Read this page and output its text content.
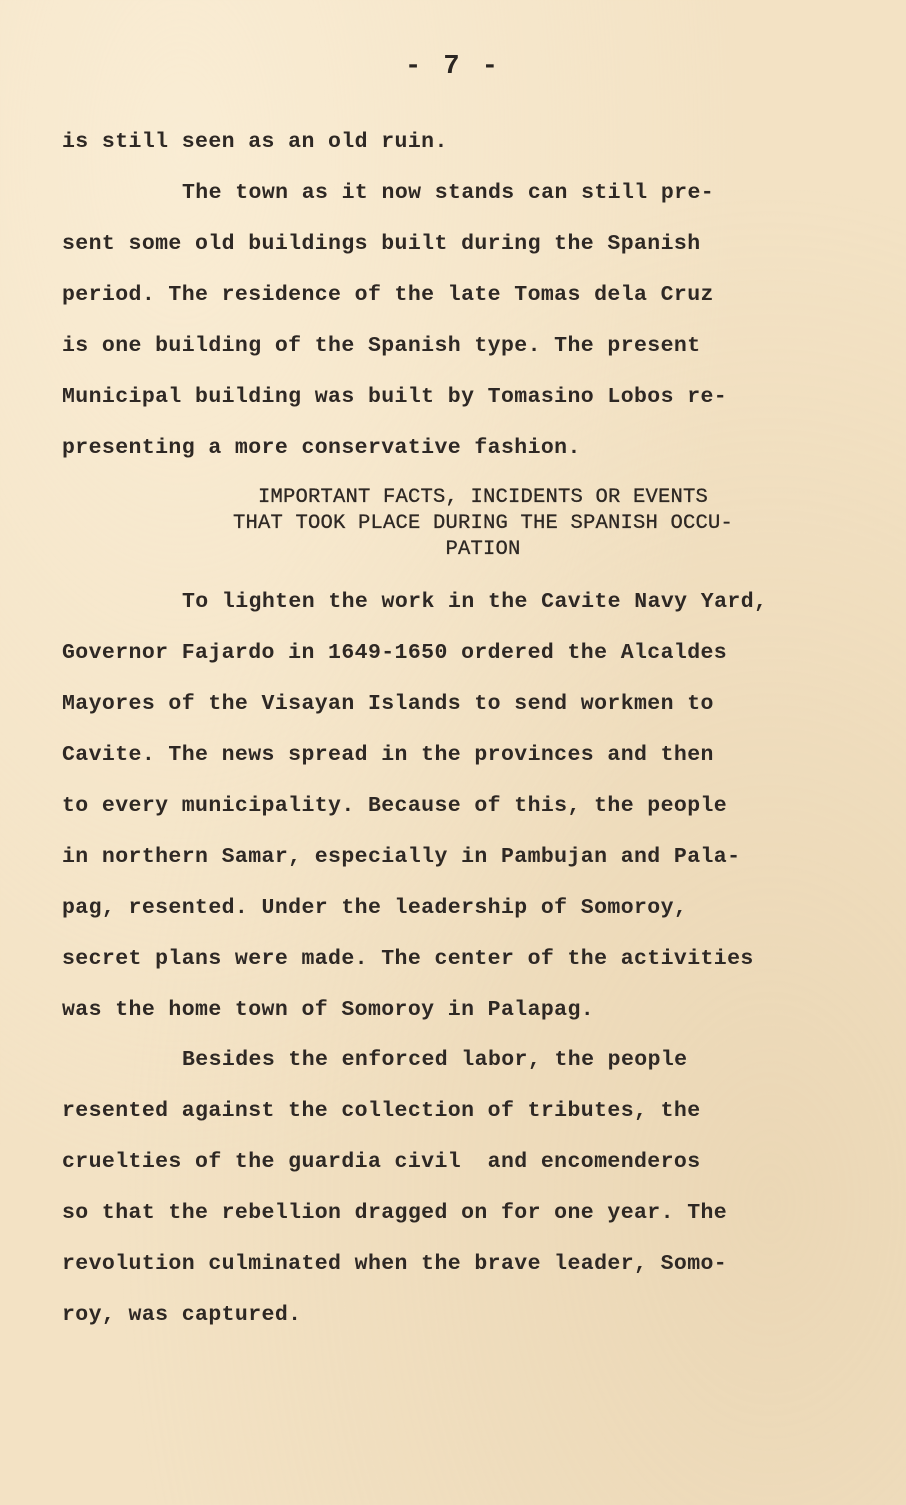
- 7 -
is still seen as an old ruin.
The town as it now stands can still pre-
sent some old buildings built during the Spanish
period. The residence of the late Tomas dela Cruz
is one building of the Spanish type. The present
Municipal building was built by Tomasino Lobos re-
presenting a more conservative fashion.
IMPORTANT FACTS, INCIDENTS OR EVENTS
THAT TOOK PLACE DURING THE SPANISH OCCU-
PATION
To lighten the work in the Cavite Navy Yard,
Governor Fajardo in 1649-1650 ordered the Alcaldes
Mayores of the Visayan Islands to send workmen to
Cavite. The news spread in the provinces and then
to every municipality. Because of this, the people
in northern Samar, especially in Pambujan and Pala-
pag, resented. Under the leadership of Somoroy,
secret plans were made. The center of the activities
was the home town of Somoroy in Palapag.
Besides the enforced labor, the people
resented against the collection of tributes, the
cruelties of the guardia civil  and encomenderos
so that the rebellion dragged on for one year. The
revolution culminated when the brave leader, Somo-
roy, was captured.
